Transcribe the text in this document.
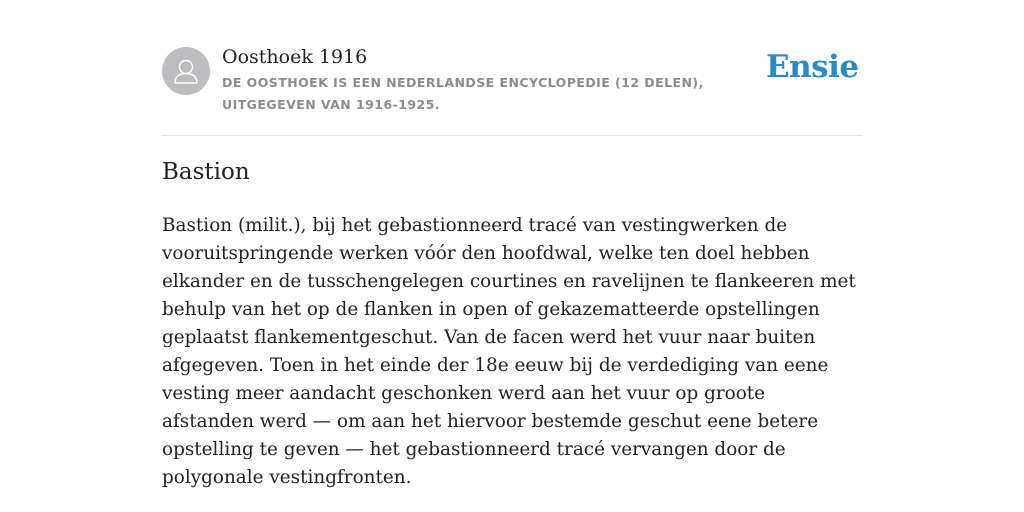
Oosthoek 1916

DE OOSTHOEK IS EEN NEDERLANDSE ENCYCLOPEDIE (12 DELEN), UITGEGEVEN VAN 1916-1925.

Ensie
Bastion

Bastion (milit.), bij het gebastionneerd tracé van vestingwerken de vooruitspringende werken vóór den hoofdwal, welke ten doel hebben elkander en de tusschengelegen courtines en ravelijnen te flankeeren met behulp van het op de flanken in open of gekazematteerde opstellingen geplaatst flankementgeschut. Van de facen werd het vuur naar buiten afgegeven. Toen in het einde der 18e eeuw bij de verdediging van eene vesting meer aandacht geschonken werd aan het vuur op groote afstanden werd — om aan het hiervoor bestemde geschut eene betere opstelling te geven — het gebastionneerd tracé vervangen door de polygonale vestingfronten.
